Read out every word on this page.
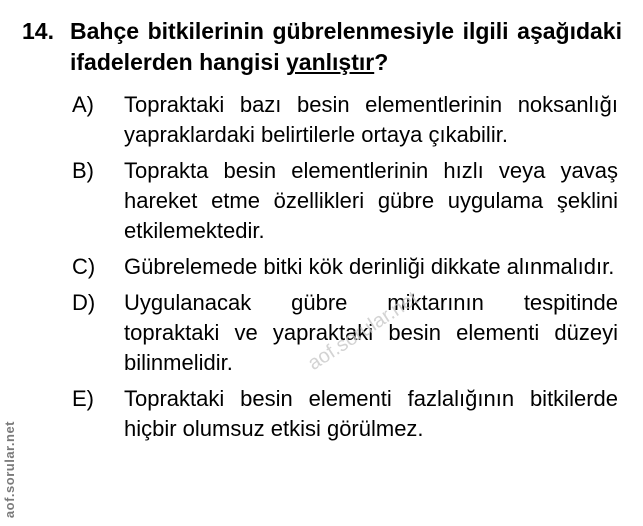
14. Bahçe bitkilerinin gübrelenmesiyle ilgili aşağıdaki ifadelerden hangisi yanlıştır?
A)	Topraktaki bazı besin elementlerinin noksanlığı yapraklardaki belirtilerle ortaya çıkabilir.
B)	Toprakta besin elementlerinin hızlı veya yavaş hareket etme özellikleri gübre uygulama şeklini etkilemektedir.
C)	Gübrelemede bitki kök derinliği dikkate alınmalıdır.
D)	Uygulanacak gübre miktarının tespitinde topraktaki ve yapraktaki besin elementi düzeyi bilinmelidir.
E)	Topraktaki besin elementi fazlalığının bitkilerde hiçbir olumsuz etkisi görülmez.
aof.sorular.net
aof.sorular.net
